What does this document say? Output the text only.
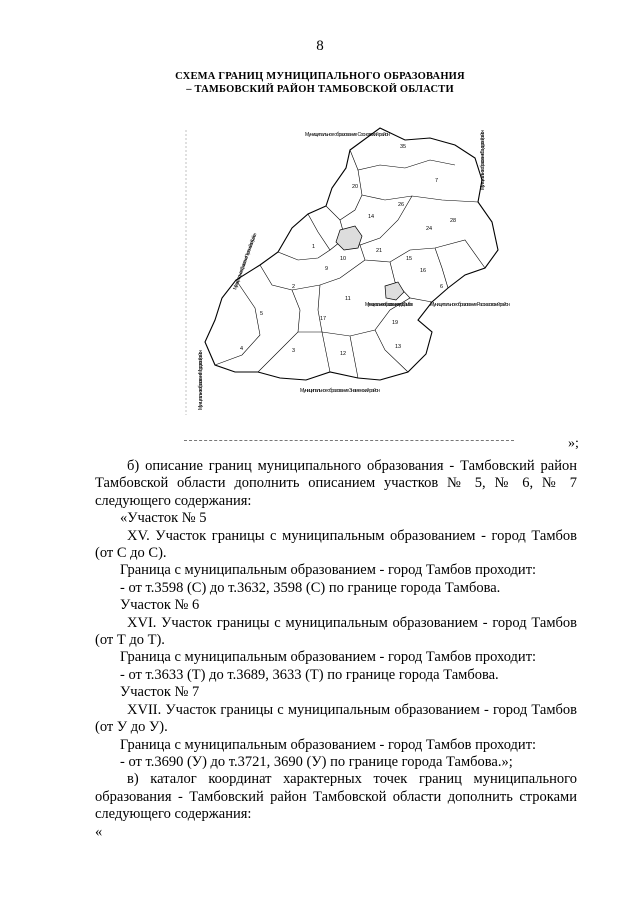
8
СХЕМА ГРАНИЦ МУНИЦИПАЛЬНОГО ОБРАЗОВАНИЯ
– ТАМБОВСКИЙ РАЙОН ТАМБОВСКОЙ ОБЛАСТИ
35
7
20
14
24
28
10
1
2
16
11
9
15
12
5
17
3
4	13
6
19
21
26
Муниципальное образование Сосновский район
Муниципальное образование Бондарский район
Муниципальное образование город Тамбов	Муниципальное образование Рассказовский район
Муниципальное образование Знаменский район
Муниципальное образование Первомайский район
Муниципальное образование Мордовский район
»;

б) описание границ муниципального образования - Тамбовский район Тамбовской области дополнить описанием участков № 5, № 6, № 7 следующего содержания:

«Участок № 5

XV. Участок границы с муниципальным образованием - город Тамбов (от С до С).

Граница с муниципальным образованием - город Тамбов проходит:

- от т.3598 (С) до т.3632, 3598 (С) по границе города Тамбова.

Участок № 6

XVI. Участок границы с муниципальным образованием - город Тамбов (от Т до Т).

Граница с муниципальным образованием - город Тамбов проходит:

- от т.3633 (Т) до т.3689, 3633 (Т) по границе города Тамбова.

Участок № 7

XVII. Участок границы с муниципальным образованием - город Тамбов (от У до У).

Граница с муниципальным образованием - город Тамбов проходит:

- от т.3690 (У) до т.3721, 3690 (У) по границе города Тамбова.»;

в) каталог координат характерных точек границ муниципального образования - Тамбовский район Тамбовской области дополнить строками следующего содержания:

«
